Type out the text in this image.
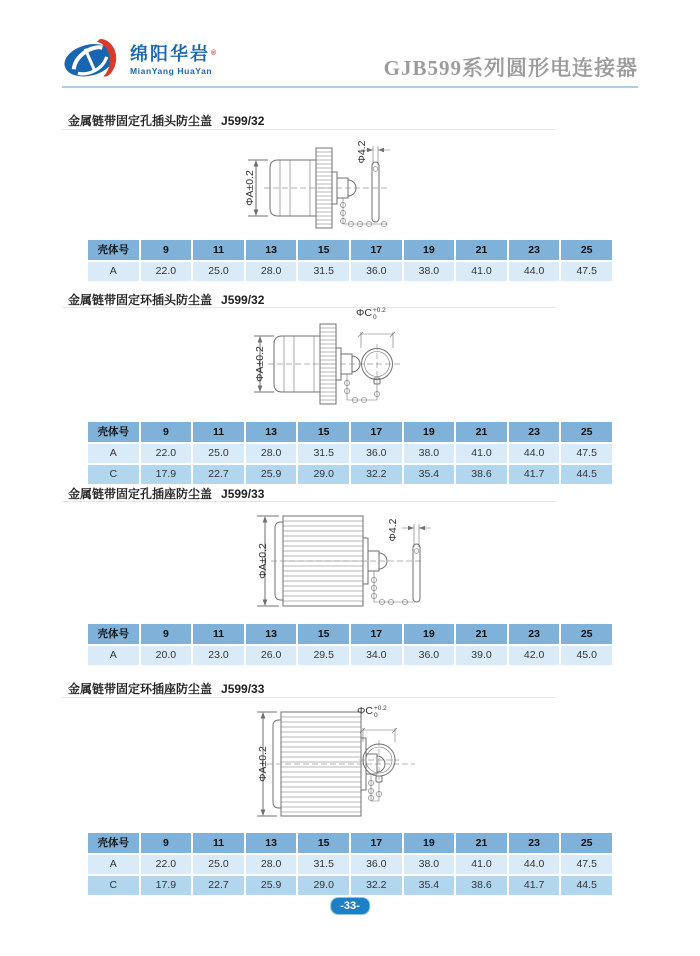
绵阳华岩®
MianYang HuaYan	GJB599系列圆形电连接器
金属链带固定孔插头防尘盖 J599/32
ΦA±0.2
Φ4.2
壳体号	9	11	13	15	17	19	21	23	25
A	22.0	25.0	28.0	31.5	36.0	38.0	41.0	44.0	47.5
金属链带固定环插头防尘盖 J599/32
ΦA±0.2
ΦC +0.2
0
壳体号	9	11	13	15	17	19	21	23	25
A	22.0	25.0	28.0	31.5	36.0	38.0	41.0	44.0	47.5
C	17.9	22.7	25.9	29.0	32.2	35.4	38.6	41.7	44.5
金属链带固定孔插座防尘盖 J599/33
ΦA±0.2
Φ4.2
壳体号	9	11	13	15	17	19	21	23	25
A	20.0	23.0	26.0	29.5	34.0	36.0	39.0	42.0	45.0
金属链带固定环插座防尘盖 J599/33
ΦA±0.2
ΦC +0.2
0
壳体号	9	11	13	15	17	19	21	23	25
A	22.0	25.0	28.0	31.5	36.0	38.0	41.0	44.0	47.5
C	17.9	22.7	25.9	29.0	32.2	35.4	38.6	41.7	44.5
-33-
